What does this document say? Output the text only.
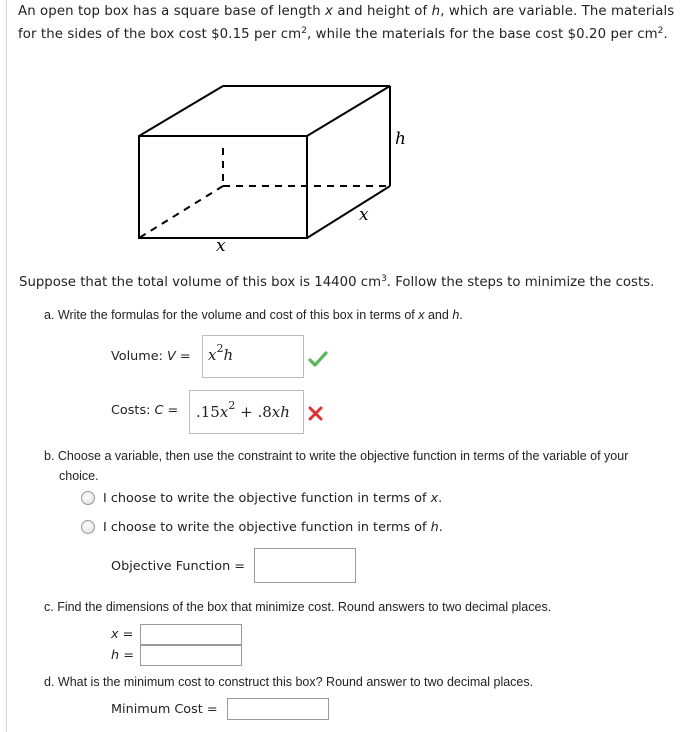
An open top box has a square base of length x and height of h, which are variable. The materials for the sides of the box cost $0.15 per $cm^2$, while the materials for the base cost $0.20 per $cm^2$.
h
x
x
Suppose that the total volume of this box is 14400 $cm^3$. Follow the steps to minimize the costs.
a. Write the formulas for the volume and cost of this box in terms of x and h.
Volume: $V = x^2h$
Costs: $C = .15x^2 + .8xh$
b. Choose a variable, then use the constraint to write the objective function in terms of the variable of your
choice.
I choose to write the objective function in terms of x.
I choose to write the objective function in terms of h.
Objective Function =
c. Find the dimensions of the box that minimize cost. Round answers to two decimal places.
x =
h =
d. What is the minimum cost to construct this box? Round answer to two decimal places.
Minimum Cost =
